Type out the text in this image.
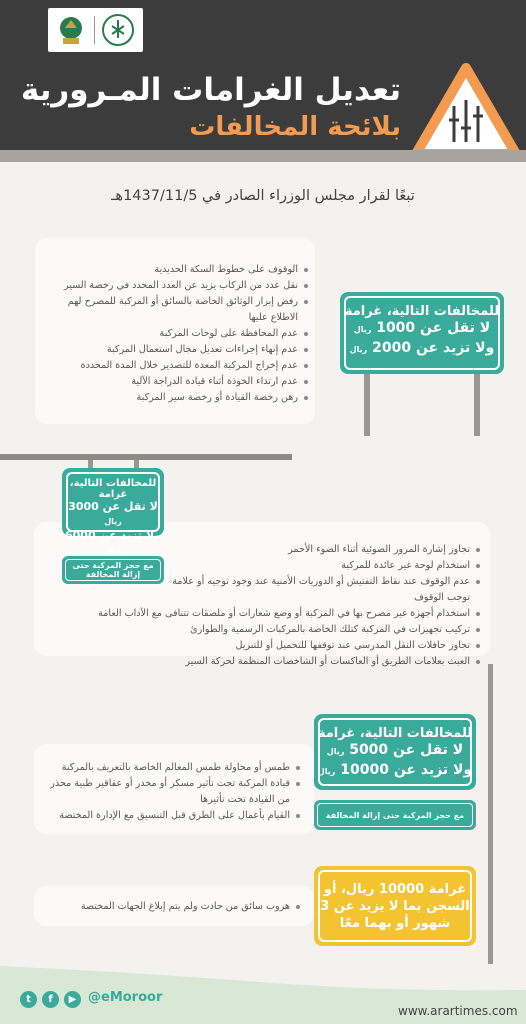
تعديل الغرامات المـرورية
بلائحة المخالفات
تبعًا لقرار مجلس الوزراء الصادر في 1437/11/5هـ
الوقوف على خطوط السكة الحديدية
نقل عدد من الركاب يزيد عن العدد المحدد في رخصة السير
رفض إبراز الوثائق الخاصة بالسائق أو المركبة للمصرح لهم الاطلاع عليها
عدم المحافظة على لوحات المركبة
عدم إنهاء إجراءات تعديل مجال استعمال المركبة
عدم إخراج المركبة المعدة للتصدير خلال المدة المحددة
عدم ارتداء الخوذة أثناء قيادة الدراجة الآلية
رهن رخصة القيادة أو رخصة سير المركبة
للمخالفات التالية، غرامة
لا تقل عن 1000 ريال
ولا تزيد عن 2000 ريال
للمخالفات التالية، غرامة
لا تقل عن 3000 ريال
ولا تزيد عن 6000 ريال
مع حجز المركبة حتى إزالة المخالفة
تجاوز إشارة المرور الضوئية أثناء الضوء الأحمر
استخدام لوحة غير عائدة للمركبة
عدم الوقوف عند نقاط التفتيش أو الدوريات الأمنية عند وجود توجيه أو علامة توجب الوقوف
استخدام أجهزة غير مصرح بها في المركبة أو وضع شعارات أو ملصقات تتنافى مع الآداب العامة
تركيب تجهيزات في المركبة كتلك الخاصة بالمركبات الرسمية والطوارئ
تجاوز حافلات النقل المدرسي عند توقفها للتحميل أو للتنزيل
العبث بعلامات الطريق أو العاكسات أو الشاخصات المنظمة لحركة السير
طمس أو محاولة طمس المعالم الخاصة بالتعريف بالمركبة
قيادة المركبة تحت تأثير مسكر أو مخدر أو عقاقير طبية محذر من القيادة تحت تأثيرها
القيام بأعمال على الطرق قبل التنسيق مع الإدارة المختصة
للمخالفات التالية، غرامة
لا تقل عن 5000 ريال
ولا تزيد عن 10000 ريال
مع حجز المركبة حتى إزالة المخالفة
هروب سائق من حادث ولم يتم إبلاغ الجهات المختصة
غرامة 10000 ريال، أو
السجن بما لا يزيد عن 3
شهور أو بهما معًا
t	f	▶ @eMoroor
www.arartimes.com
